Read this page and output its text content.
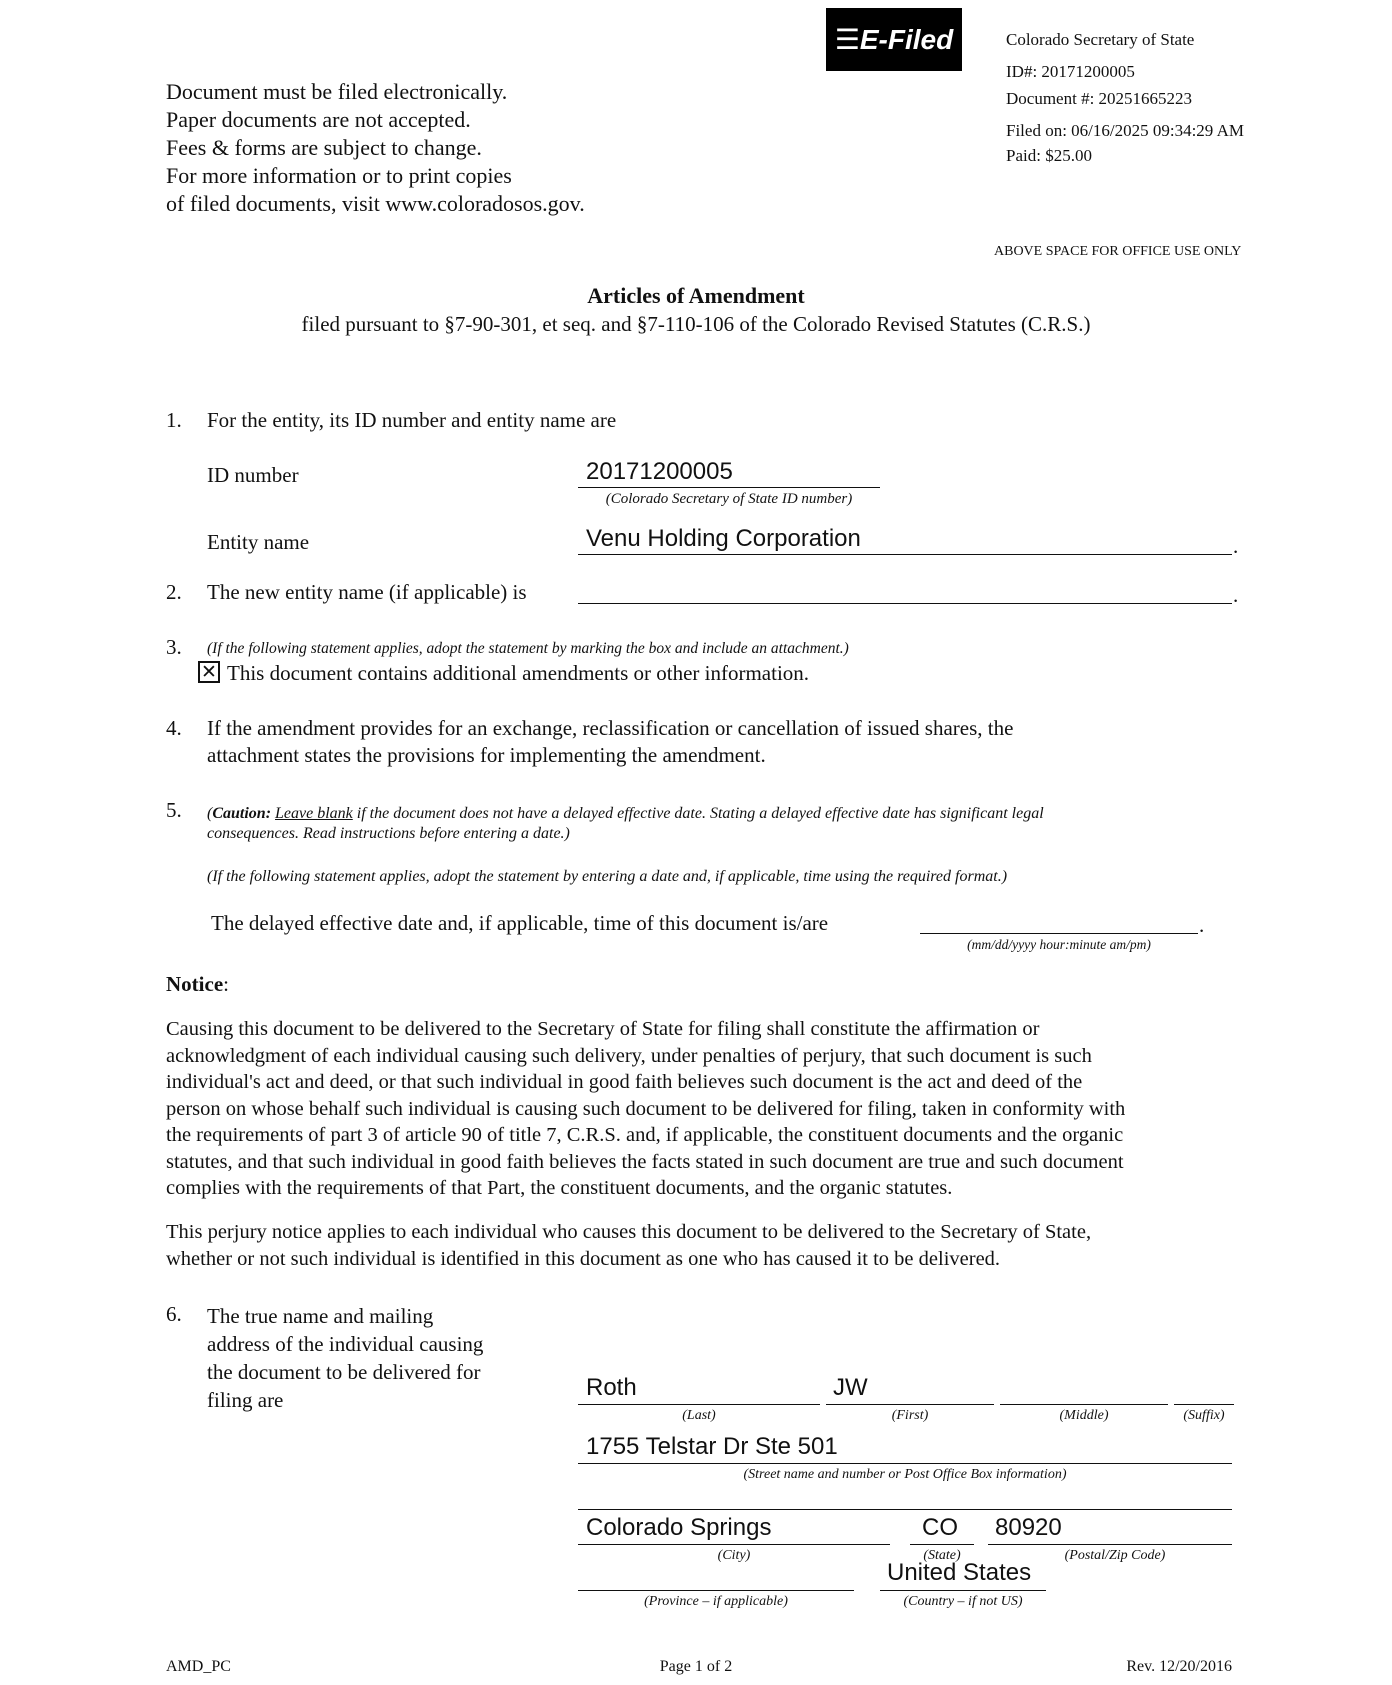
☰ E-Filed	Colorado Secretary of State
ID#: 20171200005
Document #: 20251665223
Filed on: 06/16/2025 09:34:29 AM
Paid: $25.00
Document must be filed electronically.
Paper documents are not accepted.
Fees & forms are subject to change.
For more information or to print copies
of filed documents, visit www.coloradosos.gov.
ABOVE SPACE FOR OFFICE USE ONLY
Articles of Amendment
filed pursuant to §7-90-301, et seq. and §7-110-106 of the Colorado Revised Statutes (C.R.S.)
1. For the entity, its ID number and entity name are
ID number	20171200005
(Colorado Secretary of State ID number)
Entity name	Venu Holding Corporation	.
2. The new entity name (if applicable) is	.
3. (If the following statement applies, adopt the statement by marking the box and include an attachment.)
✕ This document contains additional amendments or other information.
4. If the amendment provides for an exchange, reclassification or cancellation of issued shares, the
attachment states the provisions for implementing the amendment.
5. (Caution: Leave blank if the document does not have a delayed effective date. Stating a delayed effective date has significant legal
consequences. Read instructions before entering a date.)
(If the following statement applies, adopt the statement by entering a date and, if applicable, time using the required format.)
The delayed effective date and, if applicable, time of this document is/are	.
(mm/dd/yyyy hour:minute am/pm)
Notice:
Causing this document to be delivered to the Secretary of State for filing shall constitute the affirmation or
acknowledgment of each individual causing such delivery, under penalties of perjury, that such document is such
individual's act and deed, or that such individual in good faith believes such document is the act and deed of the
person on whose behalf such individual is causing such document to be delivered for filing, taken in conformity with
the requirements of part 3 of article 90 of title 7, C.R.S. and, if applicable, the constituent documents and the organic
statutes, and that such individual in good faith believes the facts stated in such document are true and such document
complies with the requirements of that Part, the constituent documents, and the organic statutes.
This perjury notice applies to each individual who causes this document to be delivered to the Secretary of State,
whether or not such individual is identified in this document as one who has caused it to be delivered.
6. The true name and mailing
address of the individual causing
the document to be delivered for
filing are	Roth	JW
(Last)	(First)	(Middle)	(Suffix)
1755 Telstar Dr Ste 501
(Street name and number or Post Office Box information)
Colorado Springs	CO 80920
(City)	(State)	(Postal/Zip Code)
United States
(Province – if applicable)	(Country – if not US)
AMD_PC	Page 1 of 2	Rev. 12/20/2016
